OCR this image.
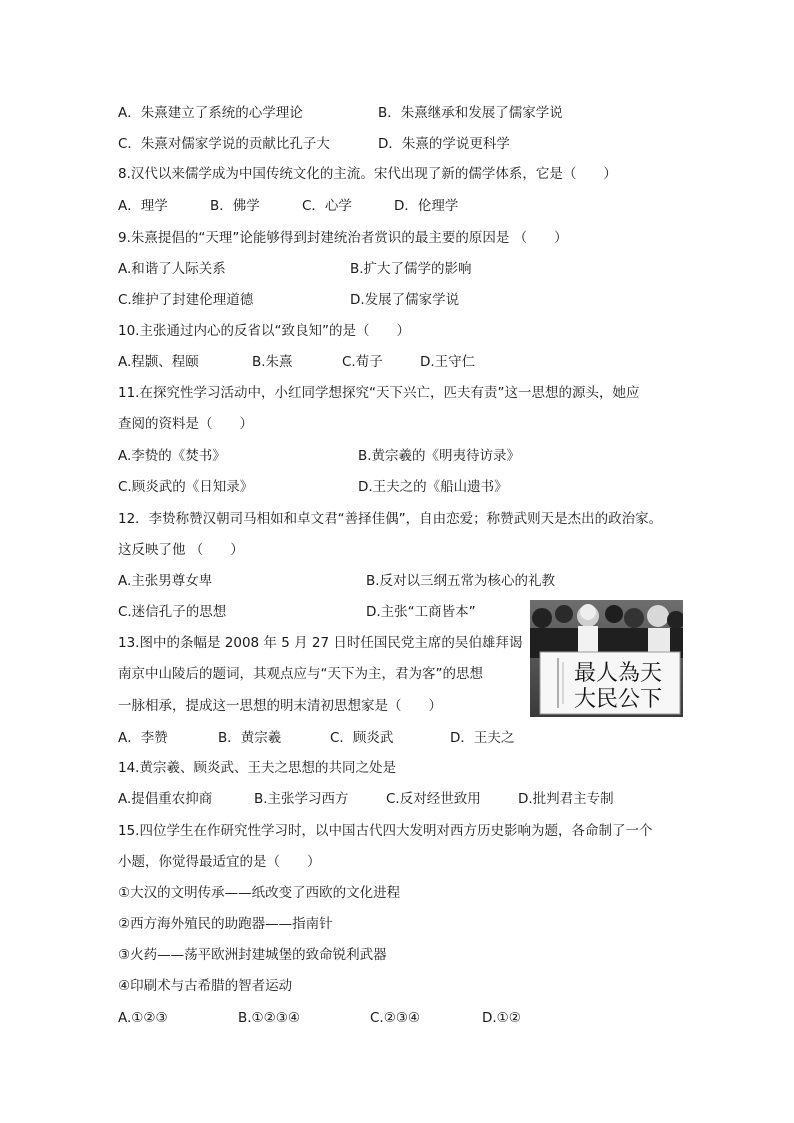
A．朱熹建立了系统的心学理论	B．朱熹继承和发展了儒家学说
C．朱熹对儒家学说的贡献比孔子大	D．朱熹的学说更科学
8.汉代以来儒学成为中国传统文化的主流。宋代出现了新的儒学体系，它是（　　）
A．理学	B．佛学	C．心学	D．伦理学
9.朱熹提倡的“天理”论能够得到封建统治者赏识的最主要的原因是 （　　）
A.和谐了人际关系	B.扩大了儒学的影响
C.维护了封建伦理道德	D.发展了儒家学说
10.主张通过内心的反省以“致良知”的是（　　）
A.程颢、程颐	B.朱熹	C.荀子	D.王守仁
11.在探究性学习活动中，小红同学想探究“天下兴亡，匹夫有责”这一思想的源头，她应
查阅的资料是（　　）
A.李贽的《焚书》	B.黄宗羲的《明夷待访录》
C.顾炎武的《日知录》	D.王夫之的《船山遗书》
12．李贽称赞汉朝司马相如和卓文君“善择佳偶”，自由恋爱；称赞武则天是杰出的政治家。
这反映了他 （　　）
A.主张男尊女卑	B.反对以三纲五常为核心的礼教
C.迷信孔子的思想	D.主张“工商皆本”
13.图中的条幅是 2008 年 5 月 27 日时任国民党主席的吴伯雄拜谒
南京中山陵后的题词，其观点应与“天下为主，君为客”的思想
一脉相承，提成这一思想的明末清初思想家是（　　）
A．李赞	B．黄宗羲	C．顾炎武	D．王夫之
最人為天
大民公下
14.黄宗羲、顾炎武、王夫之思想的共同之处是
A.提倡重农抑商	B.主张学习西方	C.反对经世致用	D.批判君主专制
15.四位学生在作研究性学习时，以中国古代四大发明对西方历史影响为题，各命制了一个
小题，你觉得最适宜的是（　　）
①大汉的文明传承——纸改变了西欧的文化进程
②西方海外殖民的助跑器——指南针
③火药——荡平欧洲封建城堡的致命锐利武器
④印刷术与古希腊的智者运动
A.①②③	B.①②③④	C.②③④	D.①②
